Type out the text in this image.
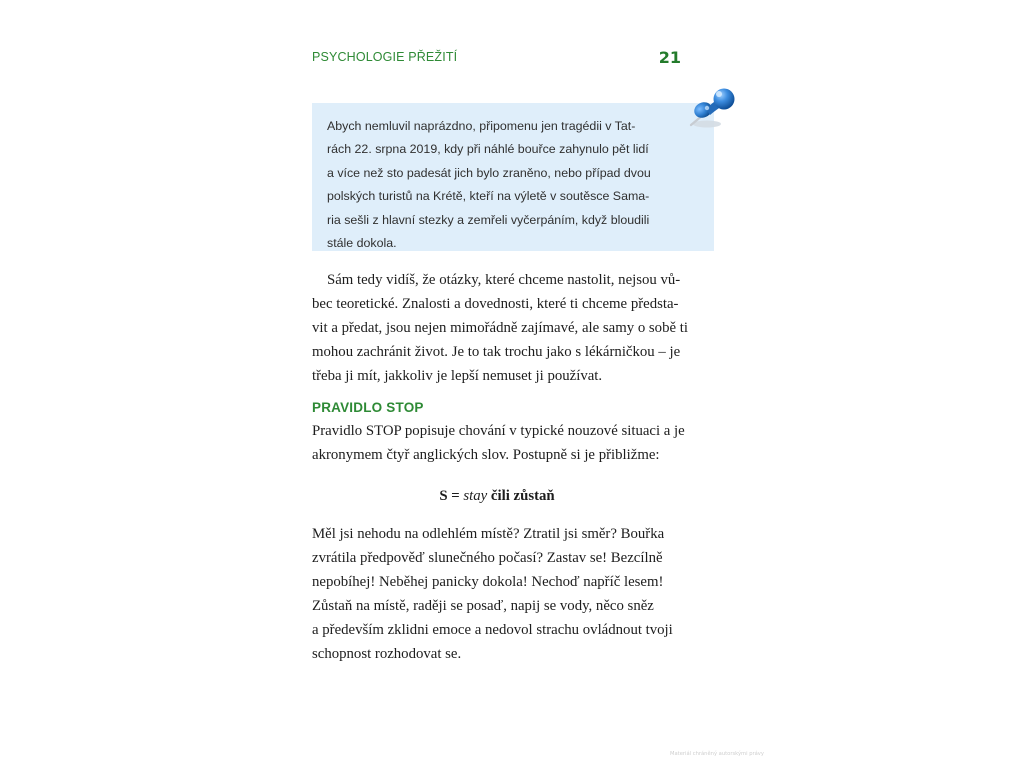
PSYCHOLOGIE PŘEŽITÍ	21

Abych nemluvil naprázdno, připomenu jen tragédii v Tat-
rách 22. srpna 2019, kdy při náhlé bouřce zahynulo pět lidí
a více než sto padesát jich bylo zraněno, nebo případ dvou
polských turistů na Krétě, kteří na výletě v soutěsce Sama-
ria sešli z hlavní stezky a zemřeli vyčerpáním, když bloudili
stále dokola.

Sám tedy vidíš, že otázky, které chceme nastolit, nejsou vů-
bec teoretické. Znalosti a dovednosti, které ti chceme předsta-
vit a předat, jsou nejen mimořádně zajímavé, ale samy o sobě ti
mohou zachránit život. Je to tak trochu jako s lékárničkou – je
třeba ji mít, jakkoliv je lepší nemuset ji používat.

PRAVIDLO STOP

Pravidlo STOP popisuje chování v typické nouzové situaci a je
akronymem čtyř anglických slov. Postupně si je přibližme:

S = stay čili zůstaň

Měl jsi nehodu na odlehlém místě? Ztratil jsi směr? Bouřka
zvrátila předpověď slunečného počasí? Zastav se! Bezcílně
nepobíhej! Neběhej panicky dokola! Nechoď napříč lesem!
Zůstaň na místě, raději se posaď, napij se vody, něco sněz
a především zklidni emoce a nedovol strachu ovládnout tvoji
schopnost rozhodovat se.

Materiál chráněný autorskými právy
